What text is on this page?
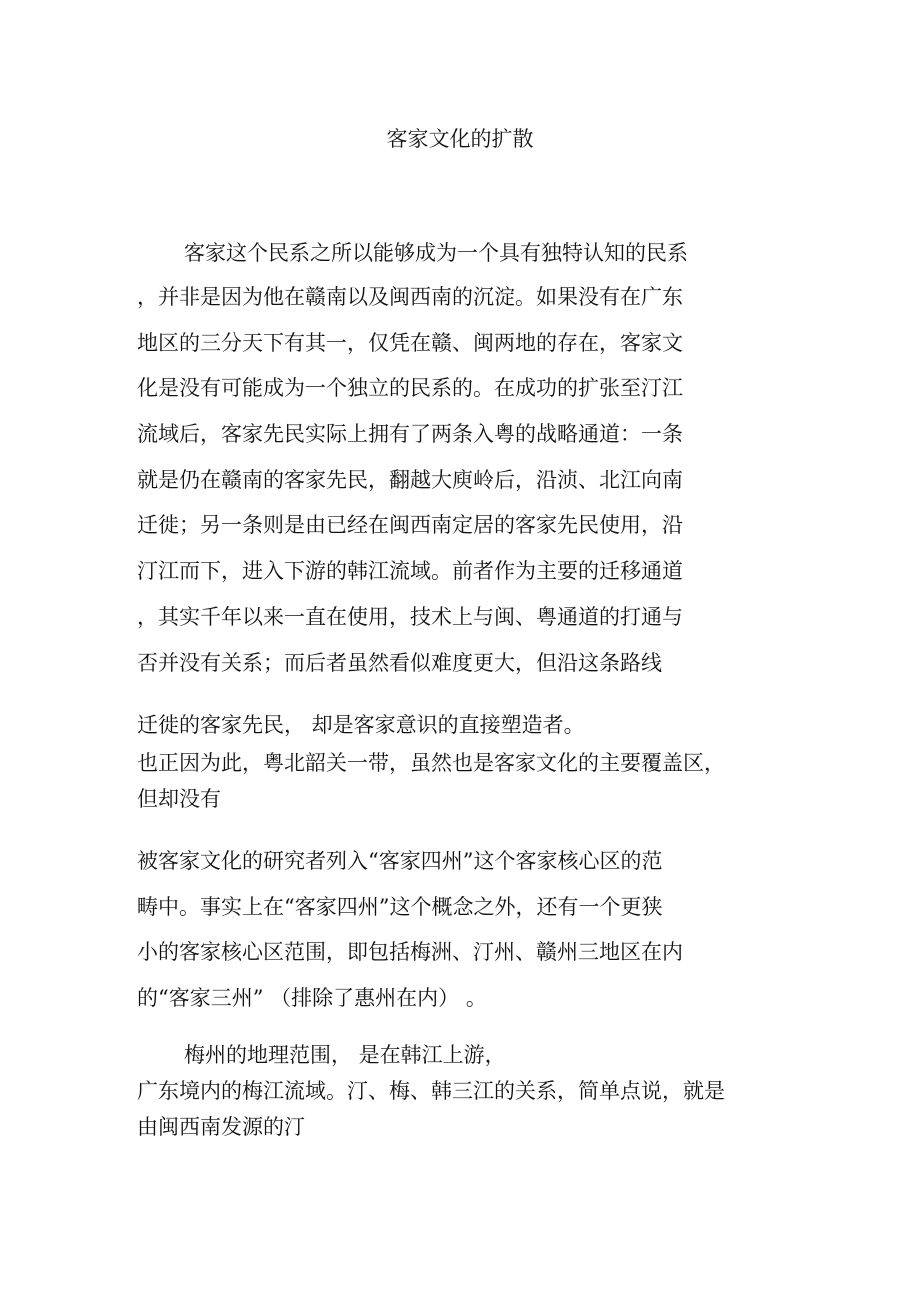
客家文化的扩散
客家这个民系之所以能够成为一个具有独特认知的民系
，并非是因为他在赣南以及闽西南的沉淀。如果没有在广东
地区的三分天下有其一，仅凭在赣、闽两地的存在，客家文
化是没有可能成为一个独立的民系的。在成功的扩张至汀江
流域后，客家先民实际上拥有了两条入粤的战略通道：一条
就是仍在赣南的客家先民，翻越大庾岭后，沿浈、北江向南
迁徙；另一条则是由已经在闽西南定居的客家先民使用，沿
汀江而下，进入下游的韩江流域。前者作为主要的迁移通道
，其实千年以来一直在使用，技术上与闽、粤通道的打通与
否并没有关系；而后者虽然看似难度更大，但沿这条路线
迁徙的客家先民， 却是客家意识的直接塑造者。
也正因为此，粤北韶关一带，虽然也是客家文化的主要覆盖区，
但却没有
被客家文化的研究者列入“客家四州”这个客家核心区的范
畴中。事实上在“客家四州”这个概念之外，还有一个更狭
小的客家核心区范围，即包括梅洲、汀州、赣州三地区在内
的“客家三州” （排除了惠州在内） 。
梅州的地理范围， 是在韩江上游，
广东境内的梅江流域。汀、梅、韩三江的关系，简单点说，就是
由闽西南发源的汀
